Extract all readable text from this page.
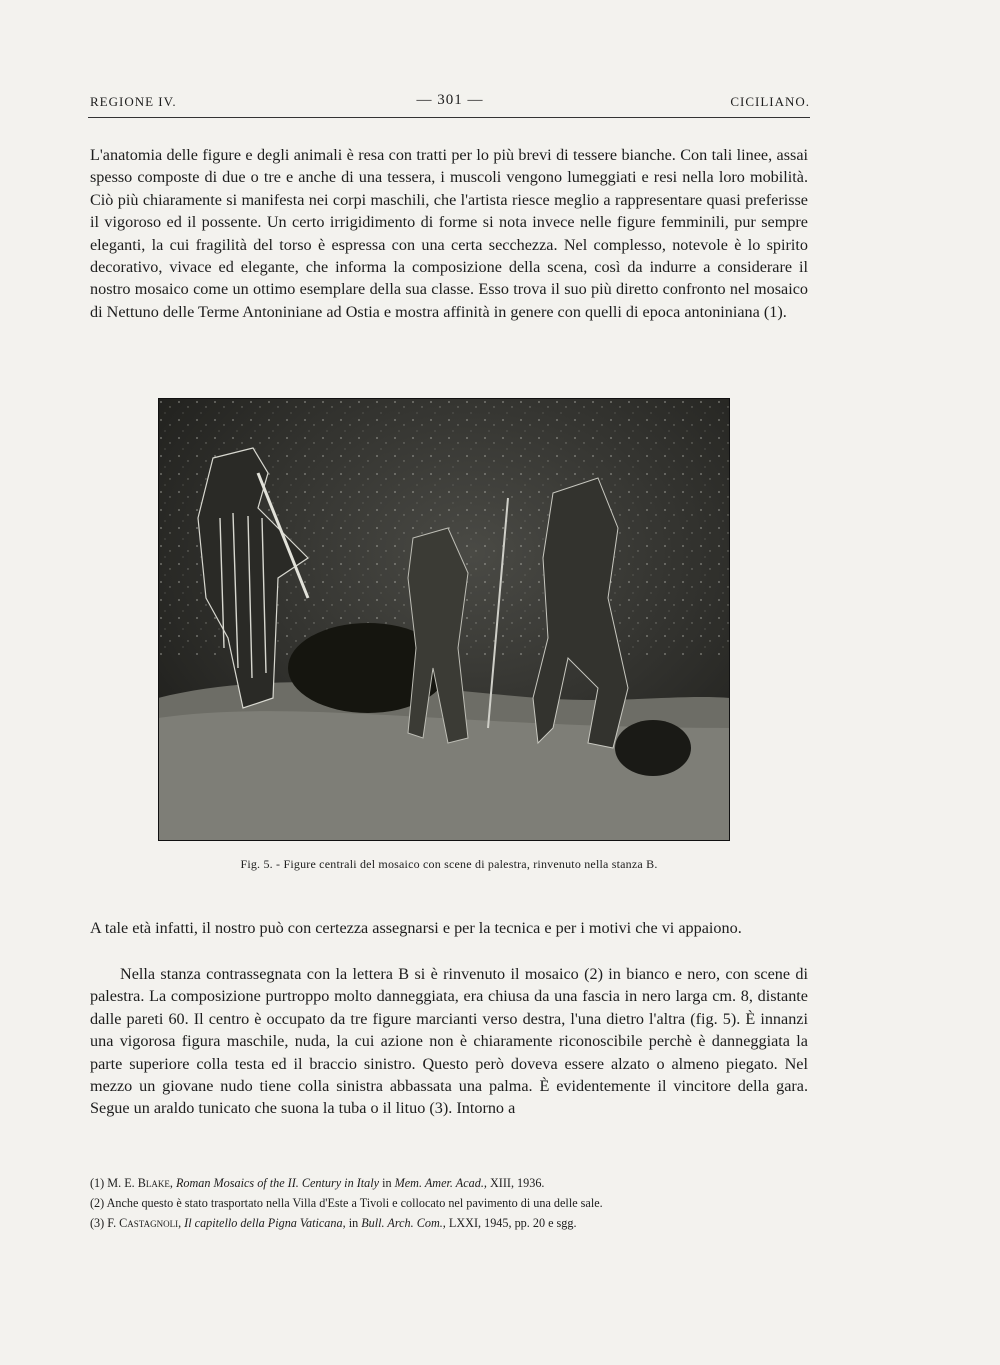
REGIONE IV.	— 301 —	CICILIANO.

L'anatomia delle figure e degli animali è resa con tratti per lo più brevi di tessere bianche. Con tali linee, assai spesso composte di due o tre e anche di una tessera, i muscoli vengono lumeggiati e resi nella loro mobilità. Ciò più chiaramente si manifesta nei corpi maschili, che l'artista riesce meglio a rappresentare quasi preferisse il vigoroso ed il possente. Un certo irrigidimento di forme si nota invece nelle figure femminili, pur sempre eleganti, la cui fragilità del torso è espressa con una certa secchezza. Nel complesso, notevole è lo spirito decorativo, vivace ed elegante, che informa la composizione della scena, così da indurre a considerare il nostro mosaico come un ottimo esemplare della sua classe. Esso trova il suo più diretto confronto nel mosaico di Nettuno delle Terme Antoniniane ad Ostia e mostra affinità in genere con quelli di epoca antoniniana (1).

Fig. 5. - Figure centrali del mosaico con scene di palestra, rinvenuto nella stanza B.

A tale età infatti, il nostro può con certezza assegnarsi e per la tecnica e per i motivi che vi appaiono.

Nella stanza contrassegnata con la lettera B si è rinvenuto il mosaico (2) in bianco e nero, con scene di palestra. La composizione purtroppo molto danneggiata, era chiusa da una fascia in nero larga cm. 8, distante dalle pareti 60. Il centro è occupato da tre figure marcianti verso destra, l'una dietro l'altra (fig. 5). È innanzi una vigorosa figura maschile, nuda, la cui azione non è chiaramente riconoscibile perchè è danneggiata la parte superiore colla testa ed il braccio sinistro. Questo però doveva essere alzato o almeno piegato. Nel mezzo un giovane nudo tiene colla sinistra abbassata una palma. È evidentemente il vincitore della gara. Segue un araldo tunicato che suona la tuba o il lituo (3). Intorno a

(1) M. E. Blake, Roman Mosaics of the II. Century in Italy in Mem. Amer. Acad., XIII, 1936.
(2) Anche questo è stato trasportato nella Villa d'Este a Tivoli e collocato nel pavimento di una delle sale.
(3) F. Castagnoli, Il capitello della Pigna Vaticana, in Bull. Arch. Com., LXXI, 1945, pp. 20 e sgg.
